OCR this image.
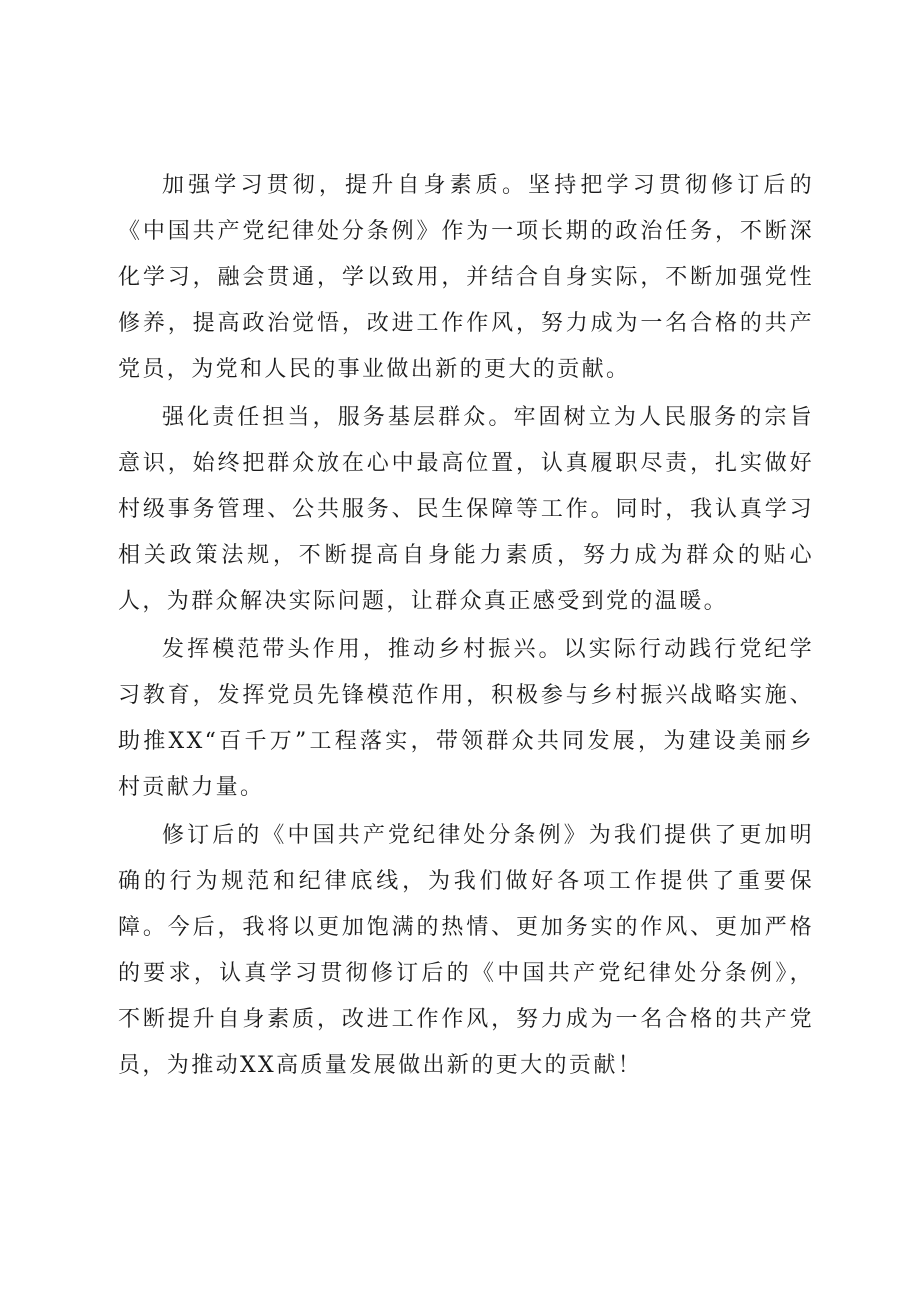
加强学习贯彻，提升自身素质。坚持把学习贯彻修订后的《中国共产党纪律处分条例》作为一项长期的政治任务，不断深化学习，融会贯通，学以致用，并结合自身实际，不断加强党性修养，提高政治觉悟，改进工作作风，努力成为一名合格的共产党员，为党和人民的事业做出新的更大的贡献。

强化责任担当，服务基层群众。牢固树立为人民服务的宗旨意识，始终把群众放在心中最高位置，认真履职尽责，扎实做好村级事务管理、公共服务、民生保障等工作。同时，我认真学习相关政策法规，不断提高自身能力素质，努力成为群众的贴心人，为群众解决实际问题，让群众真正感受到党的温暖。

发挥模范带头作用，推动乡村振兴。以实际行动践行党纪学习教育，发挥党员先锋模范作用，积极参与乡村振兴战略实施、助推XX“百千万”工程落实，带领群众共同发展，为建设美丽乡村贡献力量。

修订后的《中国共产党纪律处分条例》为我们提供了更加明确的行为规范和纪律底线，为我们做好各项工作提供了重要保障。今后，我将以更加饱满的热情、更加务实的作风、更加严格的要求，认真学习贯彻修订后的《中国共产党纪律处分条例》，不断提升自身素质，改进工作作风，努力成为一名合格的共产党员，为推动XX高质量发展做出新的更大的贡献！
